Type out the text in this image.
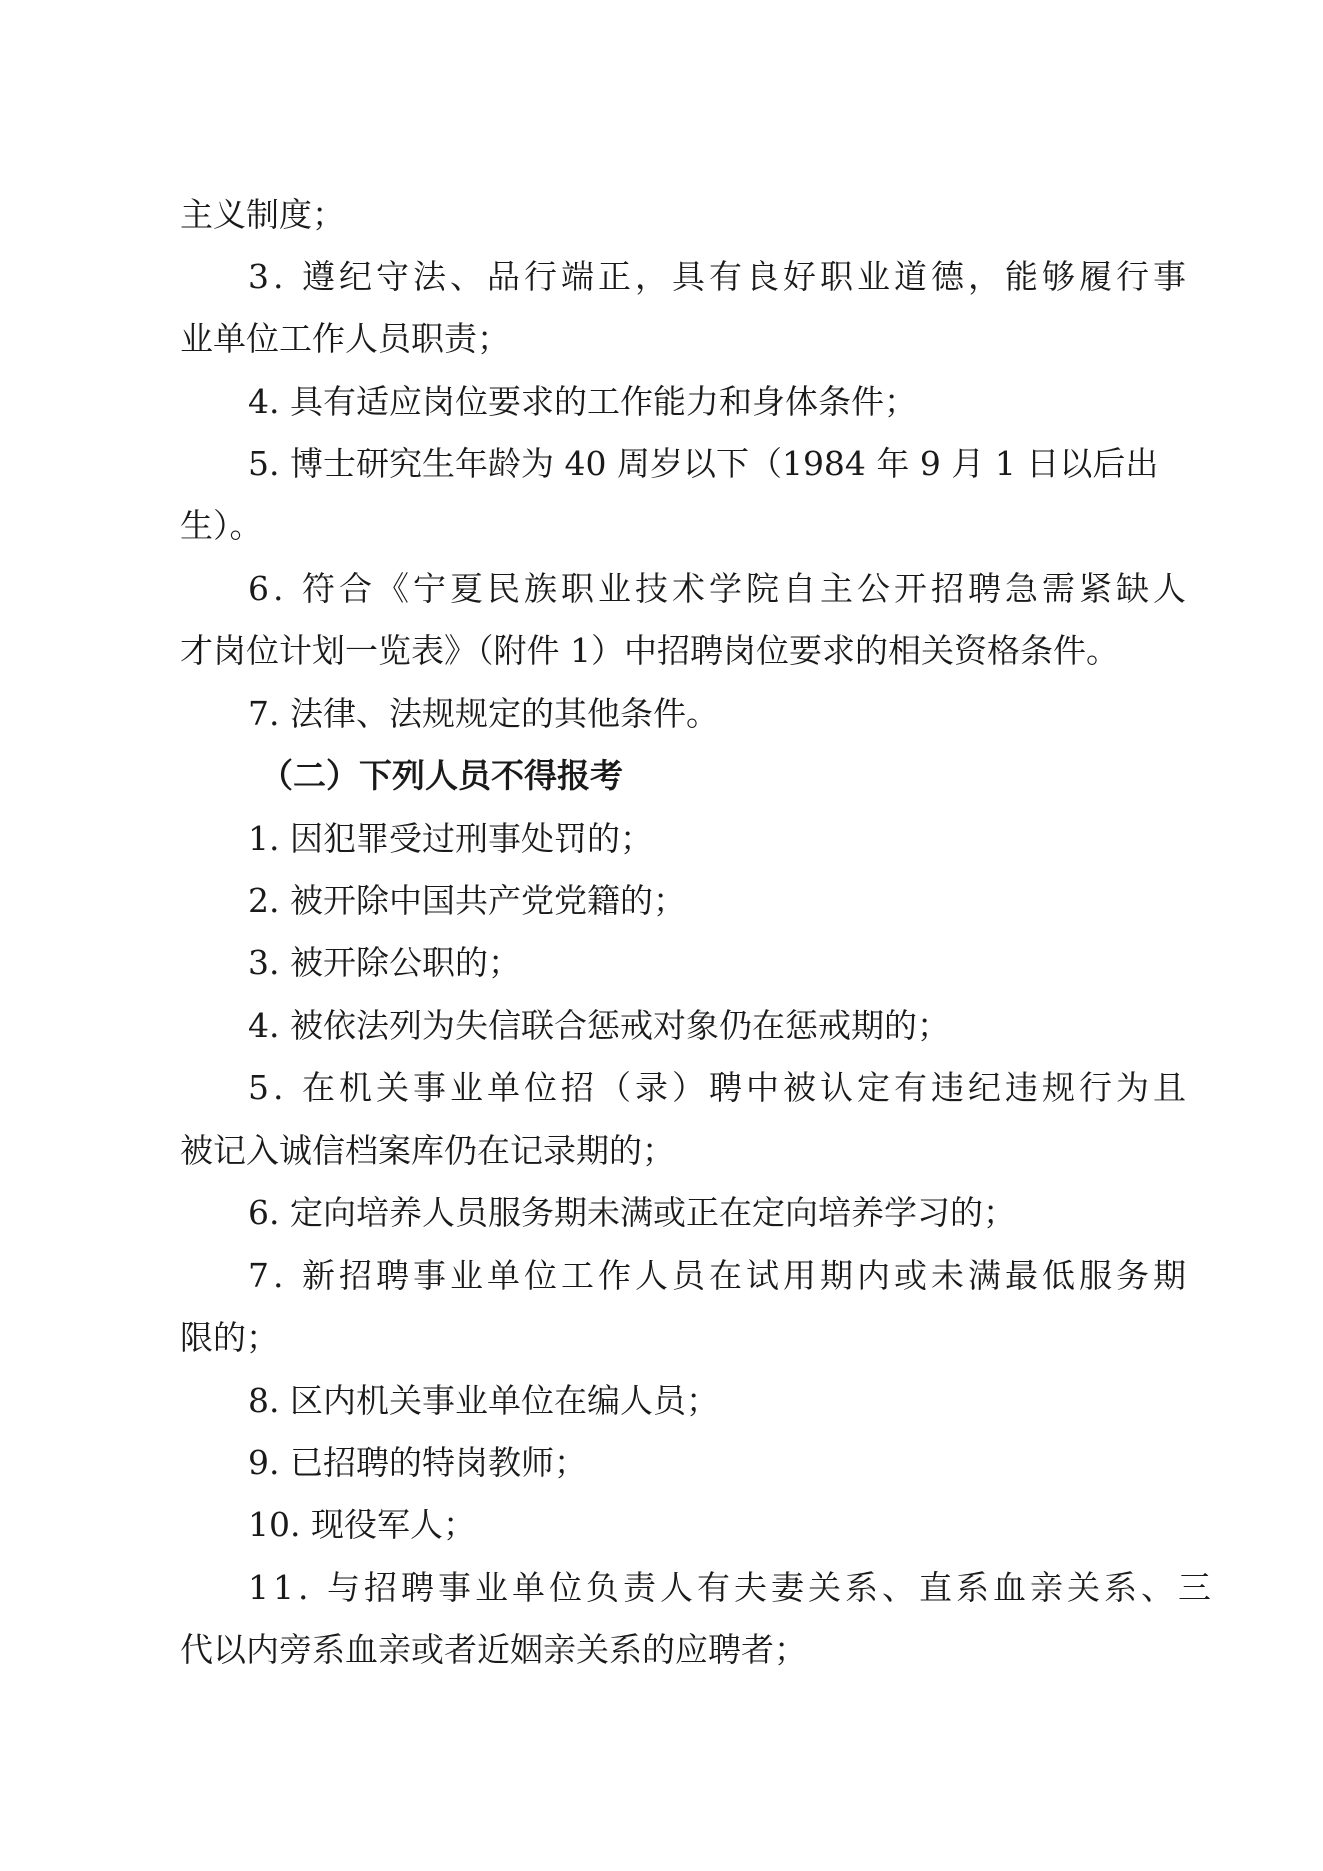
主义制度；
3. 遵纪守法、品行端正，具有良好职业道德，能够履行事
业单位工作人员职责；
4. 具有适应岗位要求的工作能力和身体条件；
5. 博士研究生年龄为 40 周岁以下（1984 年 9 月 1 日以后出
生）。
6. 符合《宁夏民族职业技术学院自主公开招聘急需紧缺人
才岗位计划一览表》（附件 1）中招聘岗位要求的相关资格条件。
7. 法律、法规规定的其他条件。
（二）下列人员不得报考
1. 因犯罪受过刑事处罚的；
2. 被开除中国共产党党籍的；
3. 被开除公职的；
4. 被依法列为失信联合惩戒对象仍在惩戒期的；
5. 在机关事业单位招（录）聘中被认定有违纪违规行为且
被记入诚信档案库仍在记录期的；
6. 定向培养人员服务期未满或正在定向培养学习的；
7. 新招聘事业单位工作人员在试用期内或未满最低服务期
限的；
8. 区内机关事业单位在编人员；
9. 已招聘的特岗教师；
10. 现役军人；
11. 与招聘事业单位负责人有夫妻关系、直系血亲关系、三
代以内旁系血亲或者近姻亲关系的应聘者；
